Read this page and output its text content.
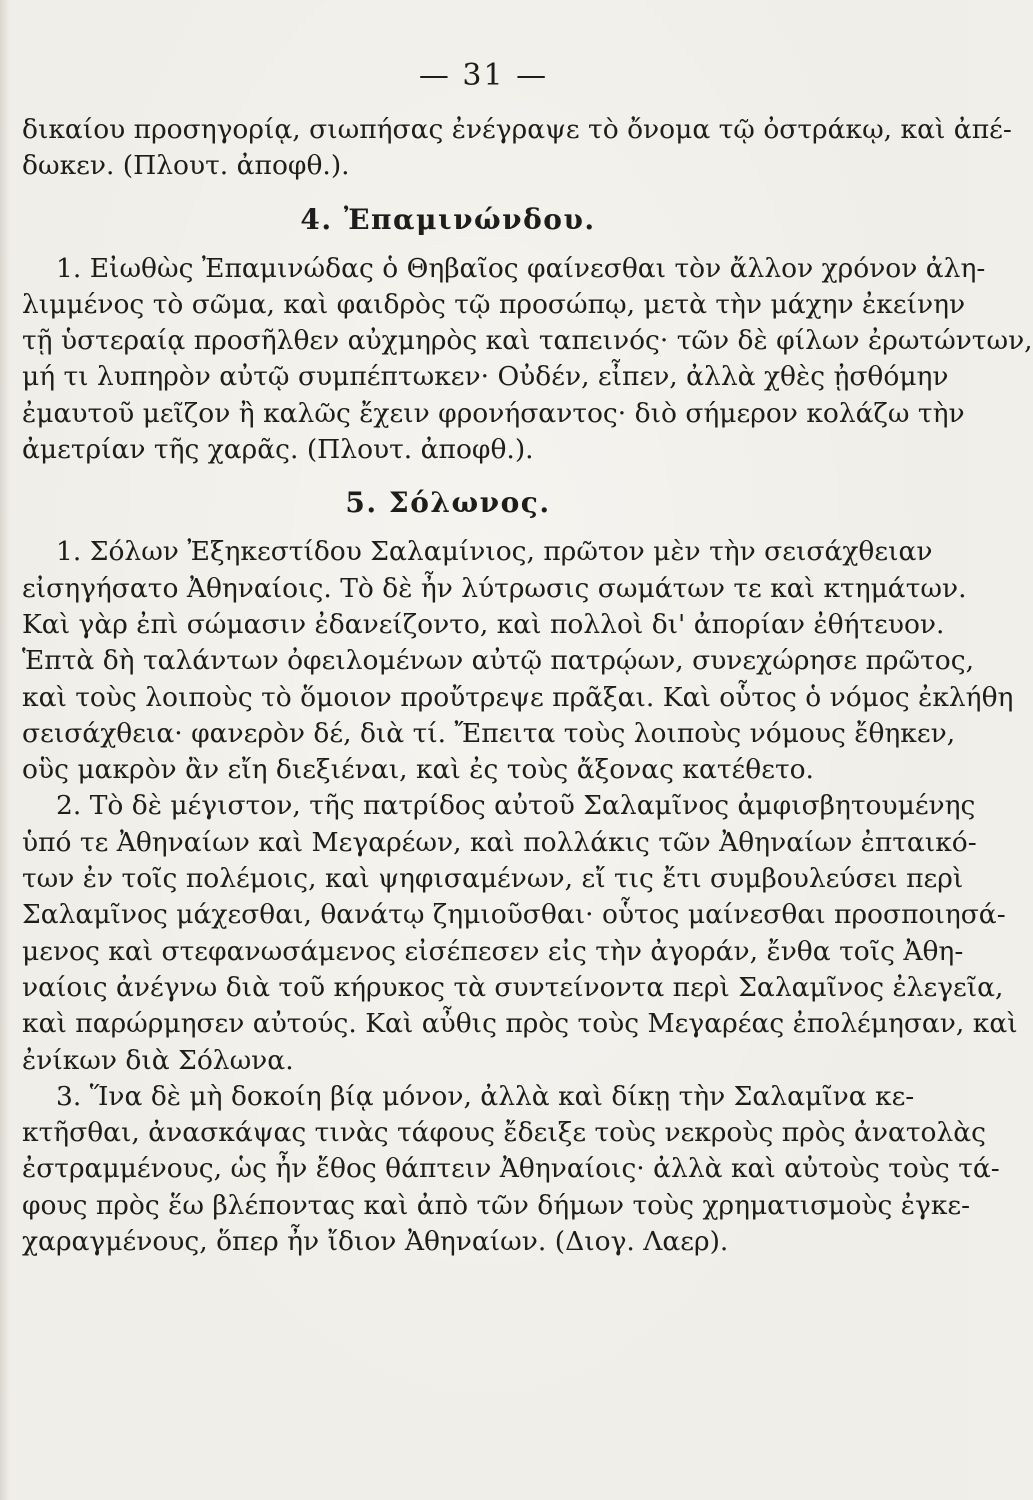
— 31 —
δικαίου προσηγορίᾳ, σιωπήσας ἐνέγραψε τὸ ὄνομα τῷ ὀστράκῳ, καὶ ἀπέ-
δωκεν. (Πλουτ. ἀποφθ.).
4. Ἐπαμινώνδου.
1. Εἰωθὼς Ἐπαμινώδας ὁ Θηβαῖος φαίνεσθαι τὸν ἄλλον χρόνον ἀλη-
λιμμένος τὸ σῶμα, καὶ φαιδρὸς τῷ προσώπῳ, μετὰ τὴν μάχην ἐκείνην
τῇ ὑστεραίᾳ προσῆλθεν αὐχμηρὸς καὶ ταπεινός· τῶν δὲ φίλων ἐρωτώντων,
μή τι λυπηρὸν αὐτῷ συμπέπτωκεν· Οὐδέν, εἶπεν, ἀλλὰ χθὲς ᾐσθόμην
ἐμαυτοῦ μεῖζον ἢ καλῶς ἔχειν φρονήσαντος· διὸ σήμερον κολάζω τὴν
ἀμετρίαν τῆς χαρᾶς. (Πλουτ. ἀποφθ.).
5. Σόλωνος.
1. Σόλων Ἐξηκεστίδου Σαλαμίνιος, πρῶτον μὲν τὴν σεισάχθειαν
εἰσηγήσατο Ἀθηναίοις. Τὸ δὲ ἦν λύτρωσις σωμάτων τε καὶ κτημάτων.
Καὶ γὰρ ἐπὶ σώμασιν ἐδανείζοντο, καὶ πολλοὶ δι' ἀπορίαν ἐθήτευον.
Ἑπτὰ δὴ ταλάντων ὀφειλομένων αὐτῷ πατρῴων, συνεχώρησε πρῶτος,
καὶ τοὺς λοιποὺς τὸ ὅμοιον προὔτρεψε πρᾶξαι. Καὶ οὗτος ὁ νόμος ἐκλήθη
σεισάχθεια· φανερὸν δέ, διὰ τί. Ἔπειτα τοὺς λοιποὺς νόμους ἔθηκεν,
οὓς μακρὸν ἂν εἴη διεξιέναι, καὶ ἐς τοὺς ἄξονας κατέθετο.
2. Τὸ δὲ μέγιστον, τῆς πατρίδος αὐτοῦ Σαλαμῖνος ἀμφισβητουμένης
ὑπό τε Ἀθηναίων καὶ Μεγαρέων, καὶ πολλάκις τῶν Ἀθηναίων ἐπταικό-
των ἐν τοῖς πολέμοις, καὶ ψηφισαμένων, εἴ τις ἔτι συμβουλεύσει περὶ
Σαλαμῖνος μάχεσθαι, θανάτῳ ζημιοῦσθαι· οὗτος μαίνεσθαι προσποιησά-
μενος καὶ στεφανωσάμενος εἰσέπεσεν εἰς τὴν ἀγοράν, ἔνθα τοῖς Ἀθη-
ναίοις ἀνέγνω διὰ τοῦ κήρυκος τὰ συντείνοντα περὶ Σαλαμῖνος ἐλεγεῖα,
καὶ παρώρμησεν αὐτούς. Καὶ αὖθις πρὸς τοὺς Μεγαρέας ἐπολέμησαν, καὶ
ἐνίκων διὰ Σόλωνα.
3. Ἵνα δὲ μὴ δοκοίη βίᾳ μόνον, ἀλλὰ καὶ δίκῃ τὴν Σαλαμῖνα κε-
κτῆσθαι, ἀνασκάψας τινὰς τάφους ἔδειξε τοὺς νεκροὺς πρὸς ἀνατολὰς
ἐστραμμένους, ὡς ἦν ἔθος θάπτειν Ἀθηναίοις· ἀλλὰ καὶ αὐτοὺς τοὺς τά-
φους πρὸς ἕω βλέποντας καὶ ἀπὸ τῶν δήμων τοὺς χρηματισμοὺς ἐγκε-
χαραγμένους, ὅπερ ἦν ἴδιον Ἀθηναίων. (Διογ. Λαερ).
